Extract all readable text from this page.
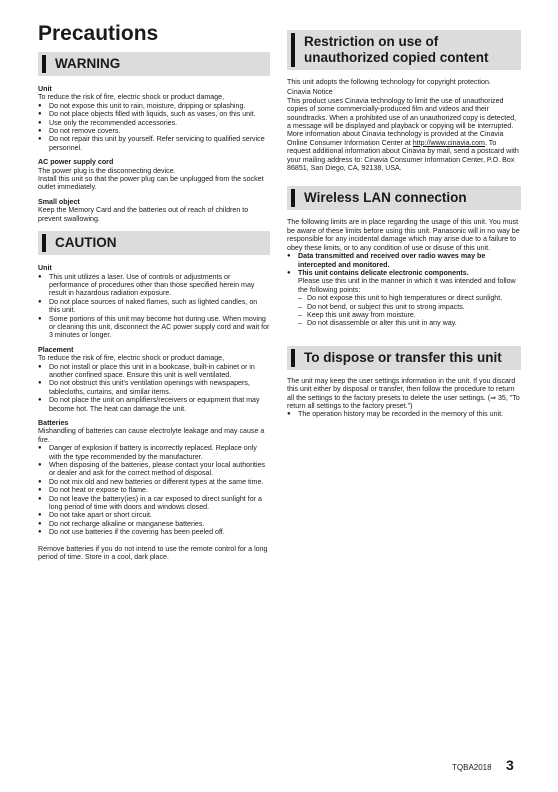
Precautions
WARNING

Unit

To reduce the risk of fire, electric shock or product damage,

● Do not expose this unit to rain, moisture, dripping or splashing.
● Do not place objects filled with liquids, such as vases, on this unit.
● Use only the recommended accessories.
● Do not remove covers.
● Do not repair this unit by yourself. Refer servicing to qualified service personnel.

AC power supply cord

The power plug is the disconnecting device.

Install this unit so that the power plug can be unplugged from the socket outlet immediately.

Small object

Keep the Memory Card and the batteries out of reach of children to prevent swallowing.

CAUTION

Unit

● This unit utilizes a laser. Use of controls or adjustments or performance of procedures other than those specified herein may result in hazardous radiation exposure.
● Do not place sources of naked flames, such as lighted candles, on this unit.
● Some portions of this unit may become hot during use. When moving or cleaning this unit, disconnect the AC power supply cord and wait for 3 minutes or longer.

Placement

To reduce the risk of fire, electric shock or product damage,

● Do not install or place this unit in a bookcase, built-in cabinet or in another confined space. Ensure this unit is well ventilated.
● Do not obstruct this unit's ventilation openings with newspapers, tablecloths, curtains, and similar items.
● Do not place the unit on amplifiers/receivers or equipment that may become hot. The heat can damage the unit.

Batteries

Mishandling of batteries can cause electrolyte leakage and may cause a fire.

● Danger of explosion if battery is incorrectly replaced. Replace only with the type recommended by the manufacturer.
● When disposing of the batteries, please contact your local authorities or dealer and ask for the correct method of disposal.
● Do not mix old and new batteries or different types at the same time.
● Do not heat or expose to flame.
● Do not leave the battery(ies) in a car exposed to direct sunlight for a long period of time with doors and windows closed.
● Do not take apart or short circuit.
● Do not recharge alkaline or manganese batteries.
● Do not use batteries if the covering has been peeled off.

Remove batteries if you do not intend to use the remote control for a long period of time. Store in a cool, dark place.

Restriction on use of unauthorized copied content

This unit adopts the following technology for copyright protection.

Cinavia Notice

This product uses Cinavia technology to limit the use of unauthorized copies of some commercially-produced film and videos and their soundtracks. When a prohibited use of an unauthorized copy is detected, a message will be displayed and playback or copying will be interrupted.

More information about Cinavia technology is provided at the Cinavia Online Consumer Information Center at http://www.cinavia.com. To request additional information about Cinavia by mail, send a postcard with your mailing address to: Cinavia Consumer Information Center, P.O. Box 86851, San Diego, CA, 92138, USA.

Wireless LAN connection

The following limits are in place regarding the usage of this unit. You must be aware of these limits before using this unit. Panasonic will in no way be responsible for any incidental damage which may arise due to a failure to obey these limits, or to any condition of use or disuse of this unit.

● Data transmitted and received over radio waves may be intercepted and monitored.
● This unit contains delicate electronic components.

Please use this unit in the manner in which it was intended and follow the following points:

– Do not expose this unit to high temperatures or direct sunlight.
– Do not bend, or subject this unit to strong impacts.
– Keep this unit away from moisture.
– Do not disassemble or alter this unit in any way.
To dispose or transfer this unit

The unit may keep the user settings information in the unit. If you discard this unit either by disposal or transfer, then follow the procedure to return all the settings to the factory presets to delete the user settings. (⇒ 35, "To return all settings to the factory preset.")

● The operation history may be recorded in the memory of this unit.
TQBA2018 3
